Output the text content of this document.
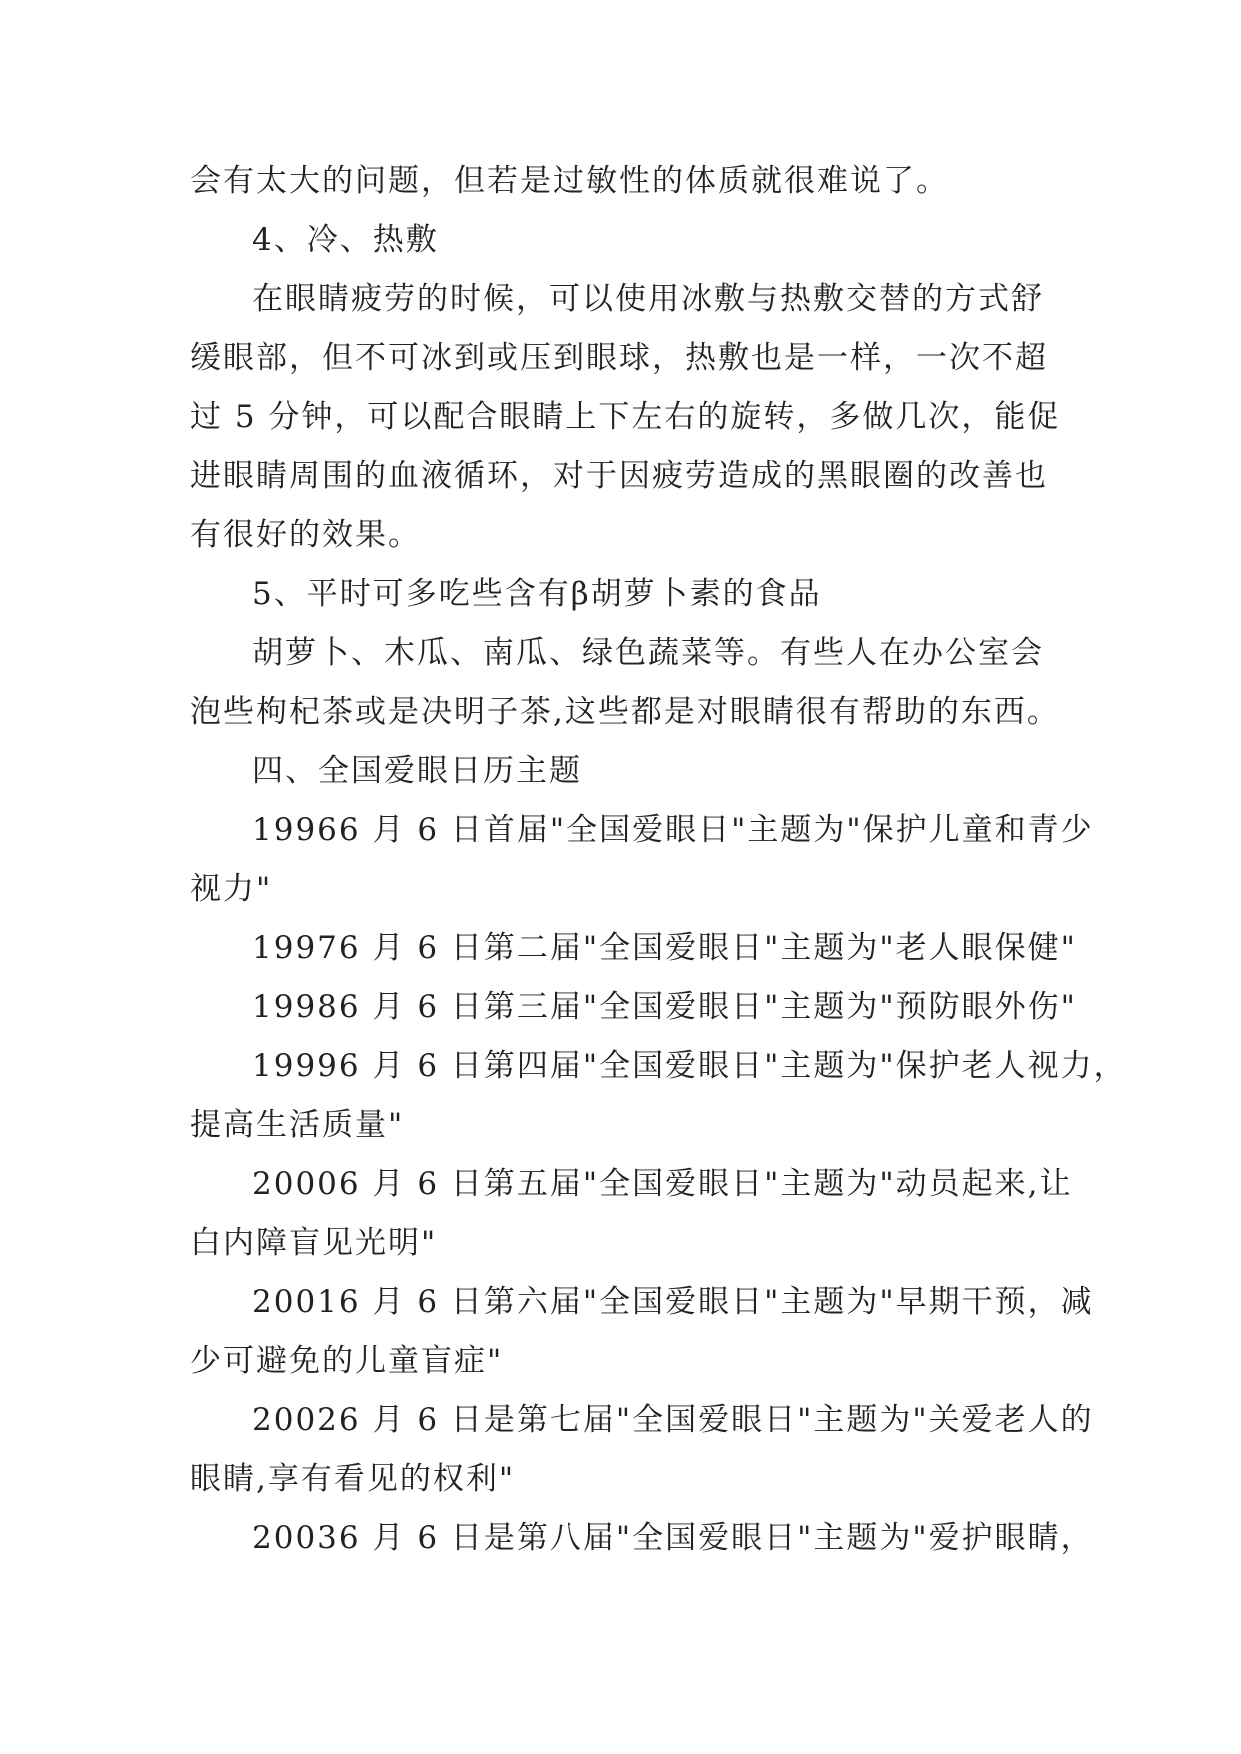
会有太大的问题，但若是过敏性的体质就很难说了。
4、冷、热敷
在眼睛疲劳的时候，可以使用冰敷与热敷交替的方式舒
缓眼部，但不可冰到或压到眼球，热敷也是一样，一次不超
过 5 分钟，可以配合眼睛上下左右的旋转，多做几次，能促
进眼睛周围的血液循环，对于因疲劳造成的黑眼圈的改善也
有很好的效果。
5、平时可多吃些含有β胡萝卜素的食品
胡萝卜、木瓜、南瓜、绿色蔬菜等。有些人在办公室会
泡些枸杞茶或是决明子茶,这些都是对眼睛很有帮助的东西。
四、全国爱眼日历主题
19966 月 6 日首届"全国爱眼日"主题为"保护儿童和青少
视力"
19976 月 6 日第二届"全国爱眼日"主题为"老人眼保健"
19986 月 6 日第三届"全国爱眼日"主题为"预防眼外伤"
19996 月 6 日第四届"全国爱眼日"主题为"保护老人视力，
提高生活质量"
20006 月 6 日第五届"全国爱眼日"主题为"动员起来,让
白内障盲见光明"
20016 月 6 日第六届"全国爱眼日"主题为"早期干预，减
少可避免的儿童盲症"
20026 月 6 日是第七届"全国爱眼日"主题为"关爱老人的
眼睛,享有看见的权利"
20036 月 6 日是第八届"全国爱眼日"主题为"爱护眼睛，
